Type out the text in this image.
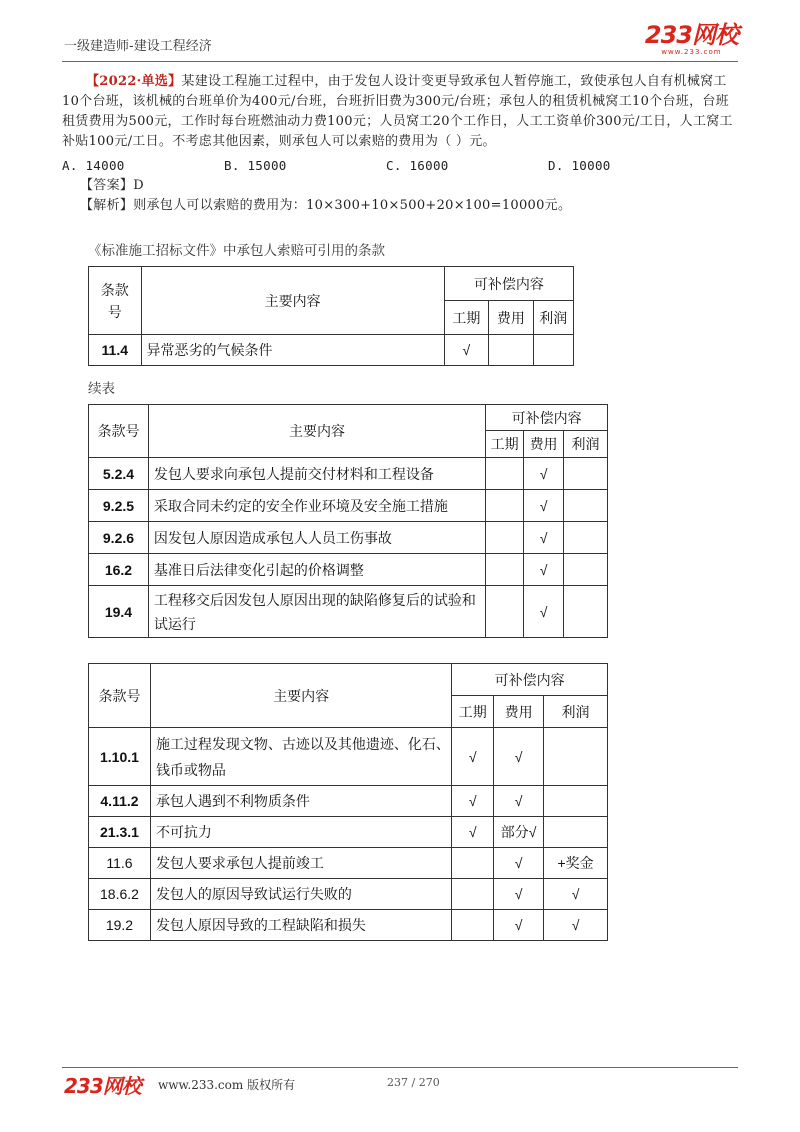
一级建造师-建设工程经济	233网校
www.233.com

【2022·单选】某建设工程施工过程中，由于发包人设计变更导致承包人暂停施工，致使承包人自有机械窝工10个台班，该机械的台班单价为400元/台班，台班折旧费为300元/台班；承包人的租赁机械窝工10个台班，台班租赁费用为500元，工作时每台班燃油动力费100元；人员窝工20个工作日，人工工资单价300元/工日，人工窝工补贴100元/工日。不考虑其他因素，则承包人可以索赔的费用为（ ）元。

A. 14000	B. 15000	C. 16000	D. 10000
【答案】D
【解析】则承包人可以索赔的费用为：10×300+10×500+20×100=10000元。
《标准施工招标文件》中承包人索赔可引用的条款
条款
号	主要内容	可补偿内容		
		工期	费用	利润
11.4	异常恶劣的气候条件	√		
续表
条款号	主要内容	可补偿内容		
		工期	费用	利润
5.2.4	发包人要求向承包人提前交付材料和工程设备		√	
9.2.5	采取合同未约定的安全作业环境及安全施工措施		√	
9.2.6	因发包人原因造成承包人人员工伤事故		√	
16.2	基准日后法律变化引起的价格调整		√	
19.4	工程移交后因发包人原因出现的缺陷修复后的试验和试运行		√	
条款号	主要内容	可补偿内容		
		工期	费用	利润
1.10.1	施工过程发现文物、古迹以及其他遗迹、化石、钱币或物品	√	√	
4.11.2	承包人遇到不利物质条件	√	√	
21.3.1	不可抗力	√	部分√	
11.6	发包人要求承包人提前竣工		√	+奖金
18.6.2	发包人的原因导致试运行失败的		√	√
19.2	发包人原因导致的工程缺陷和损失		√	√
233网校 www.233.com 版权所有	237 / 270
